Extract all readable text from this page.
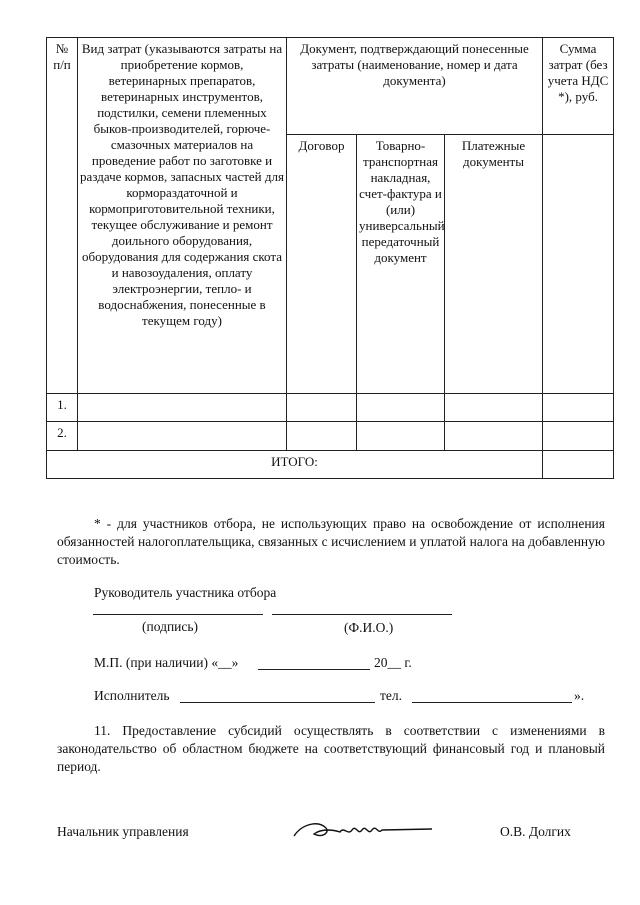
№ п/п	Вид затрат (указываются затраты на приобретение кормов, ветеринарных препаратов, ветеринарных инструментов, подстилки, семени племенных быков-производителей, горюче-смазочных материалов на проведение работ по заготовке и раздаче кормов, запасных частей для кормораздаточной и кормоприготовительной техники, текущее обслуживание и ремонт доильного оборудования, оборудования для содержания скота и навозоудаления, оплату электроэнергии, тепло- и водоснабжения, понесенные в текущем году)	Документ, подтверждающий понесенные затраты (наименование, номер и дата документа)			Сумма затрат (без учета НДС *), руб.
		Договор	Товарно-транспортная накладная, счет-фактура и (или) универсальный передаточный документ	Платежные документы	
1.					
2.					
ИТОГО:					

* - для участников отбора, не использующих право на освобождение от исполнения обязанностей налогоплательщика, связанных с исчислением и уплатой налога на добавленную стоимость.

Руководитель участника отбора

(подпись)	(Ф.И.О.)

М.П. (при наличии) «__»	20__ г.

Исполнитель	тел.	».

11. Предоставление субсидий осуществлять в соответствии с изменениями в законодательство об областном бюджете на соответствующий финансовый год и плановый период.

Начальник управления	О.В. Долгих
